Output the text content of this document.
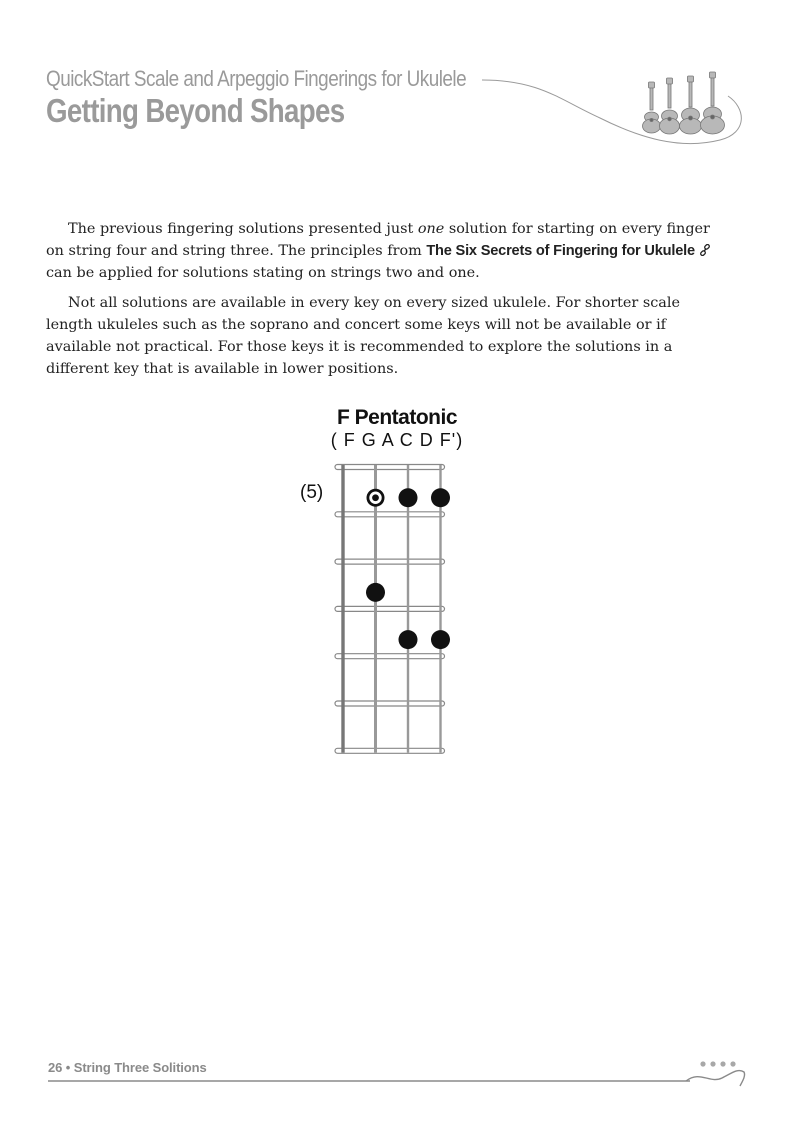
QuickStart Scale and Arpeggio Fingerings for Ukulele
Getting Beyond Shapes

The previous fingering solutions presented just one solution for starting on every finger on string four and string three. The principles from The Six Secrets of Fingering for Ukulele  can be applied for solutions stating on strings two and one.

Not all solutions are available in every key on every sized ukulele. For shorter scale length ukuleles such as the soprano and concert some keys will not be available or if available not practical. For those keys it is recommended to explore the solutions in a different key that is available in lower positions.

F Pentatonic
( F G A C D F')
(5)
26 • String Three Solitions
